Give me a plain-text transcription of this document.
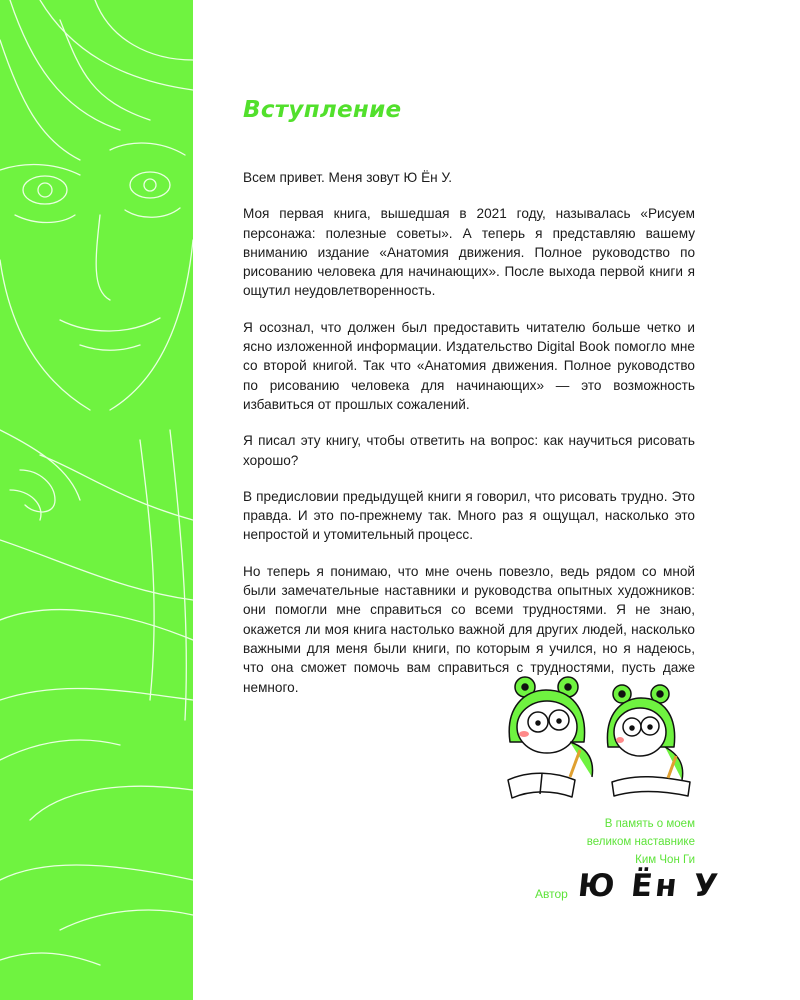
Вступление

Всем привет. Меня зовут Ю Ён У.

Моя первая книга, вышедшая в 2021 году, называлась «Рисуем персонажа: полезные советы». А теперь я представляю вашему вниманию издание «Анатомия движения. Полное руководство по рисованию человека для начинающих». После выхода первой книги я ощутил неудовлетворенность.

Я осознал, что должен был предоставить читателю больше четко и ясно изложенной информации. Издательство Digital Book помогло мне со второй книгой. Так что «Анатомия движения. Полное руководство по рисованию человека для начинающих» — это возможность избавиться от прошлых сожалений.

Я писал эту книгу, чтобы ответить на вопрос: как научиться рисовать хорошо?

В предисловии предыдущей книги я говорил, что рисовать трудно. Это правда. И это по-прежнему так. Много раз я ощущал, насколько это непростой и утомительный процесс.

Но теперь я понимаю, что мне очень повезло, ведь рядом со мной были замечательные наставники и руководства опытных художников: они помогли мне справиться со всеми трудностями. Я не знаю, окажется ли моя книга настолько важной для других людей, насколько важными для меня были книги, по которым я учился, но я надеюсь, что она сможет помочь вам справиться с трудностями, пусть даже немного.

В память о моем
великом наставнике
Ким Чон Ги
Автор Ю Ён У
